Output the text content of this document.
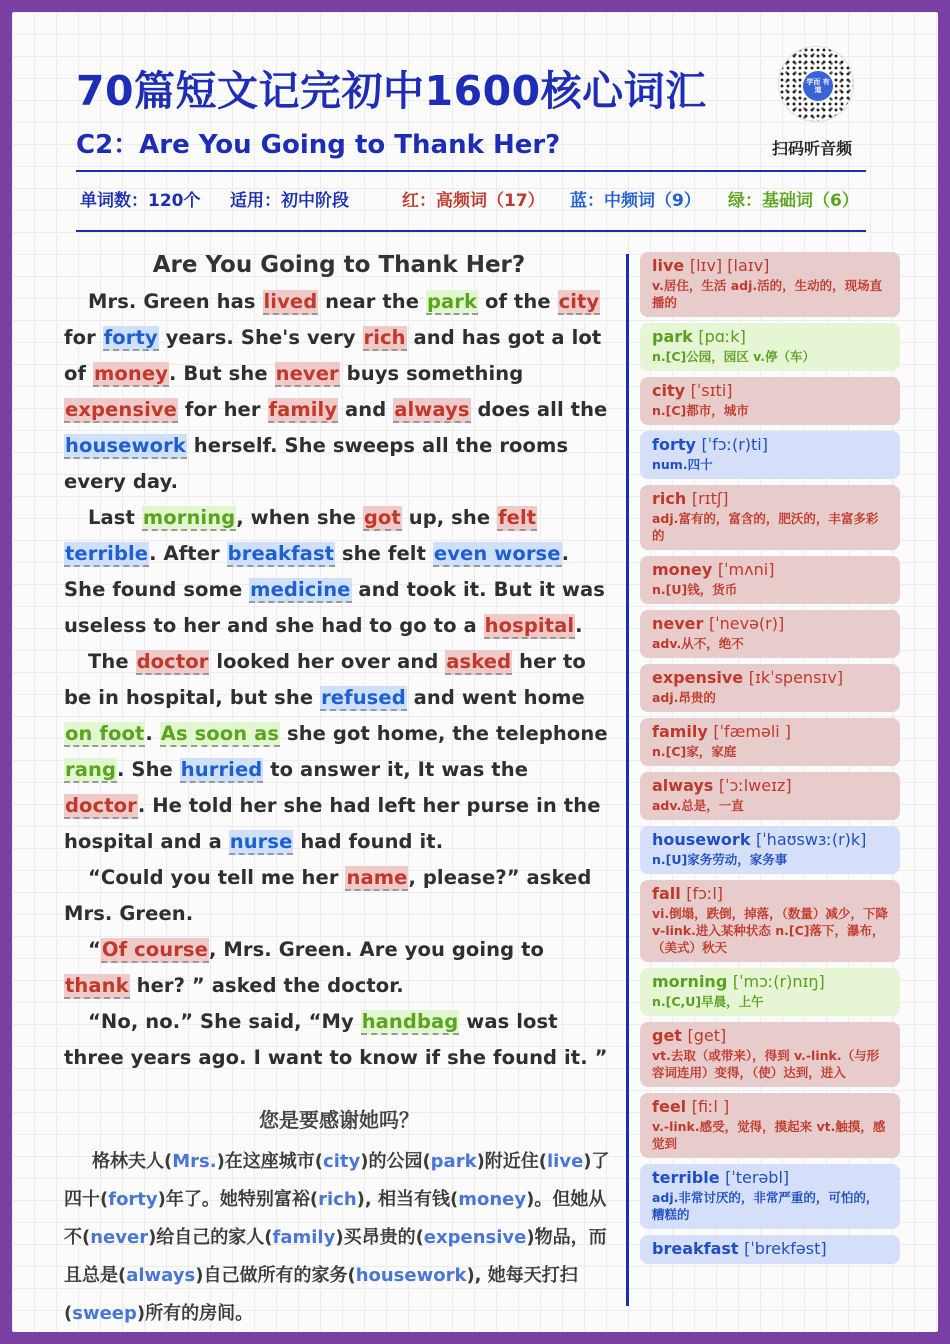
70篇短文记完初中1600核心词汇
C2：Are You Going to Thank Her?
学而 有道
扫码听音频
单词数：120个 适用：初中阶段	红：高频词（17） 蓝：中频词（9） 绿：基础词（6）
Are You Going to Thank Her?

Mrs. Green has lived near the park of the city for forty years. She's very rich and has got a lot of money. But she never buys something expensive for her family and always does all the housework herself. She sweeps all the rooms every day.

Last morning, when she got up, she felt terrible. After breakfast she felt even worse. She found some medicine and took it. But it was useless to her and she had to go to a hospital.

The doctor looked her over and asked her to be in hospital, but she refused and went home on foot. As soon as she got home, the telephone rang. She hurried to answer it, It was the doctor. He told her she had left her purse in the hospital and a nurse had found it.

“Could you tell me her name, please?” asked Mrs. Green.

“Of course, Mrs. Green. Are you going to thank her? ” asked the doctor.

“No, no.” She said, “My handbag was lost three years ago. I want to know if she found it. ”

您是要感谢她吗？

格林夫人(Mrs.)在这座城市(city)的公园(park)附近住(live)了四十(forty)年了。她特别富裕(rich), 相当有钱(money)。但她从不(never)给自己的家人(family)买昂贵的(expensive)物品，而且总是(always)自己做所有的家务(housework), 她每天打扫(sweep)所有的房间。

live [lɪv] [laɪv]
v.居住，生活 adj.活的，生动的，现场直播的
park [pɑːk]
n.[C]公园，园区 v.停（车）
city [ˈsɪti]
n.[C]都市，城市
forty [ˈfɔː(r)ti]
num.四十
rich [rɪtʃ]
adj.富有的，富含的，肥沃的，丰富多彩的
money [ˈmʌni]
n.[U]钱，货币
never [ˈnevə(r)]
adv.从不，绝不
expensive [ɪkˈspensɪv]
adj.昂贵的
family [ˈfæməli ]
n.[C]家，家庭
always [ˈɔːlweɪz]
adv.总是，一直
housework [ˈhaʊswɜː(r)k]
n.[U]家务劳动，家务事
fall [fɔːl]
vi.倒塌，跌倒，掉落，（数量）减少，下降 v-link.进入某种状态 n.[C]落下，瀑布，（美式）秋天
morning [ˈmɔː(r)nɪŋ]
n.[C,U]早晨，上午
get [get]
vt.去取（或带来），得到 v.-link.（与形容词连用）变得，（使）达到，进入
feel [fiːl ]
v.-link.感受，觉得，摸起来 vt.触摸，感觉到
terrible [ˈterəbl]
adj.非常讨厌的，非常严重的，可怕的，糟糕的
breakfast [ˈbrekfəst]
